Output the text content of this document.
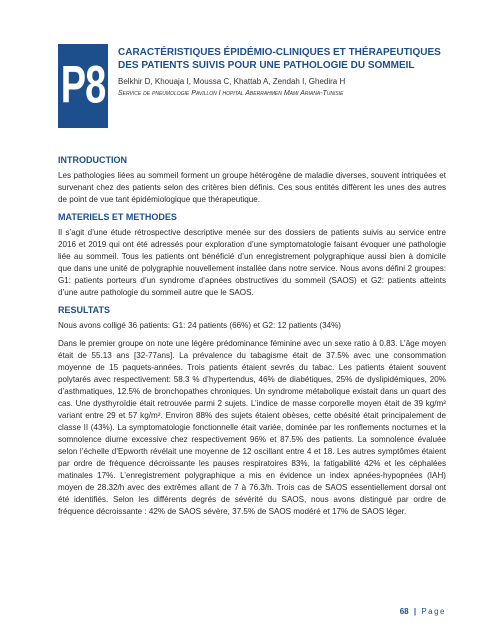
P8
CARACTÉRISTIQUES ÉPIDÉMIO-CLINIQUES ET THÉRAPEUTIQUES DES PATIENTS SUIVIS POUR UNE PATHOLOGIE DU SOMMEIL
Belkhir D, Khouaja I, Moussa C, Khattab A, Zendah I, Ghedira H
Service de pneumologie Pavillon I hopital Aberrahmen Mami Ariana-Tunisie
INTRODUCTION

Les pathologies liées au sommeil forment un groupe hétérogène de maladie diverses, souvent intriquées et survenant chez des patients selon des critères bien définis. Ces sous entités diffèrent les unes des autres de point de vue tant épidémiologique que thérapeutique.

MATERIELS ET METHODES

Il s’agit d’une étude rétrospective descriptive menée sur des dossiers de patients suivis au service entre 2016 et 2019 qui ont été adressés pour exploration d’une symptomatologie faisant évoquer une pathologie liée au sommeil. Tous les patients ont bénéficié d’un enregistrement polygraphique aussi bien à domicile que dans une unité de polygraphie nouvellement installée dans notre service. Nous avons défini 2 groupes: G1: patients porteurs d’un syndrome d’apnées obstructives du sommeil (SAOS) et G2: patients atteints d’une autre pathologie du sommeil autre que le SAOS.

RESULTATS

Nous avons colligé 36 patients: G1: 24 patients (66%) et G2: 12 patients (34%)

Dans le premier groupe on note une légère prédominance féminine avec un sexe ratio à 0.83. L’âge moyen était de 55.13 ans [32-77ans]. La prévalence du tabagisme était de 37.5% avec une consommation moyenne de 15 paquets-années. Trois patients étaient sevrés du tabac. Les patients étaient souvent polytarés avec respectivement: 58.3 % d’hypertendus, 46% de diabétiques, 25% de dyslipidémiques, 20% d’asthmatiques, 12.5% de bronchopathes chroniques. Un syndrome métabolique existait dans un quart des cas. Une dysthyroïdie était retrouvée parmi 2 sujets. L’indice de masse corporelle moyen était de 39 kg/m² variant entre 29 et 57 kg/m². Environ 88% des sujets étaient obèses, cette obésité était principalement de classe II (43%). La symptomatologie fonctionnelle était variée, dominée par les ronflements nocturnes et la somnolence diurne excessive chez respectivement 96% et 87.5% des patients. La somnolence évaluée selon l’échelle d’Epworth révélait une moyenne de 12 oscillant entre 4 et 18. Les autres symptômes étaient par ordre de fréquence décroissante les pauses respiratoires 83%, la fatigabilité 42% et les céphalées matinales 17%. L’enregistrement polygraphique a mis en évidence un index apnées-hypopnées (IAH) moyen de 28.32/h avec des extrêmes allant de 7 à 76.3/h. Trois cas de SAOS essentiellement dorsal ont été identifiés. Selon les différents degrés de sévérité du SAOS, nous avons distingué par ordre de fréquence décroissante : 42% de SAOS sévère, 37.5% de SAOS modéré et 17% de SAOS léger.

68 | Page
